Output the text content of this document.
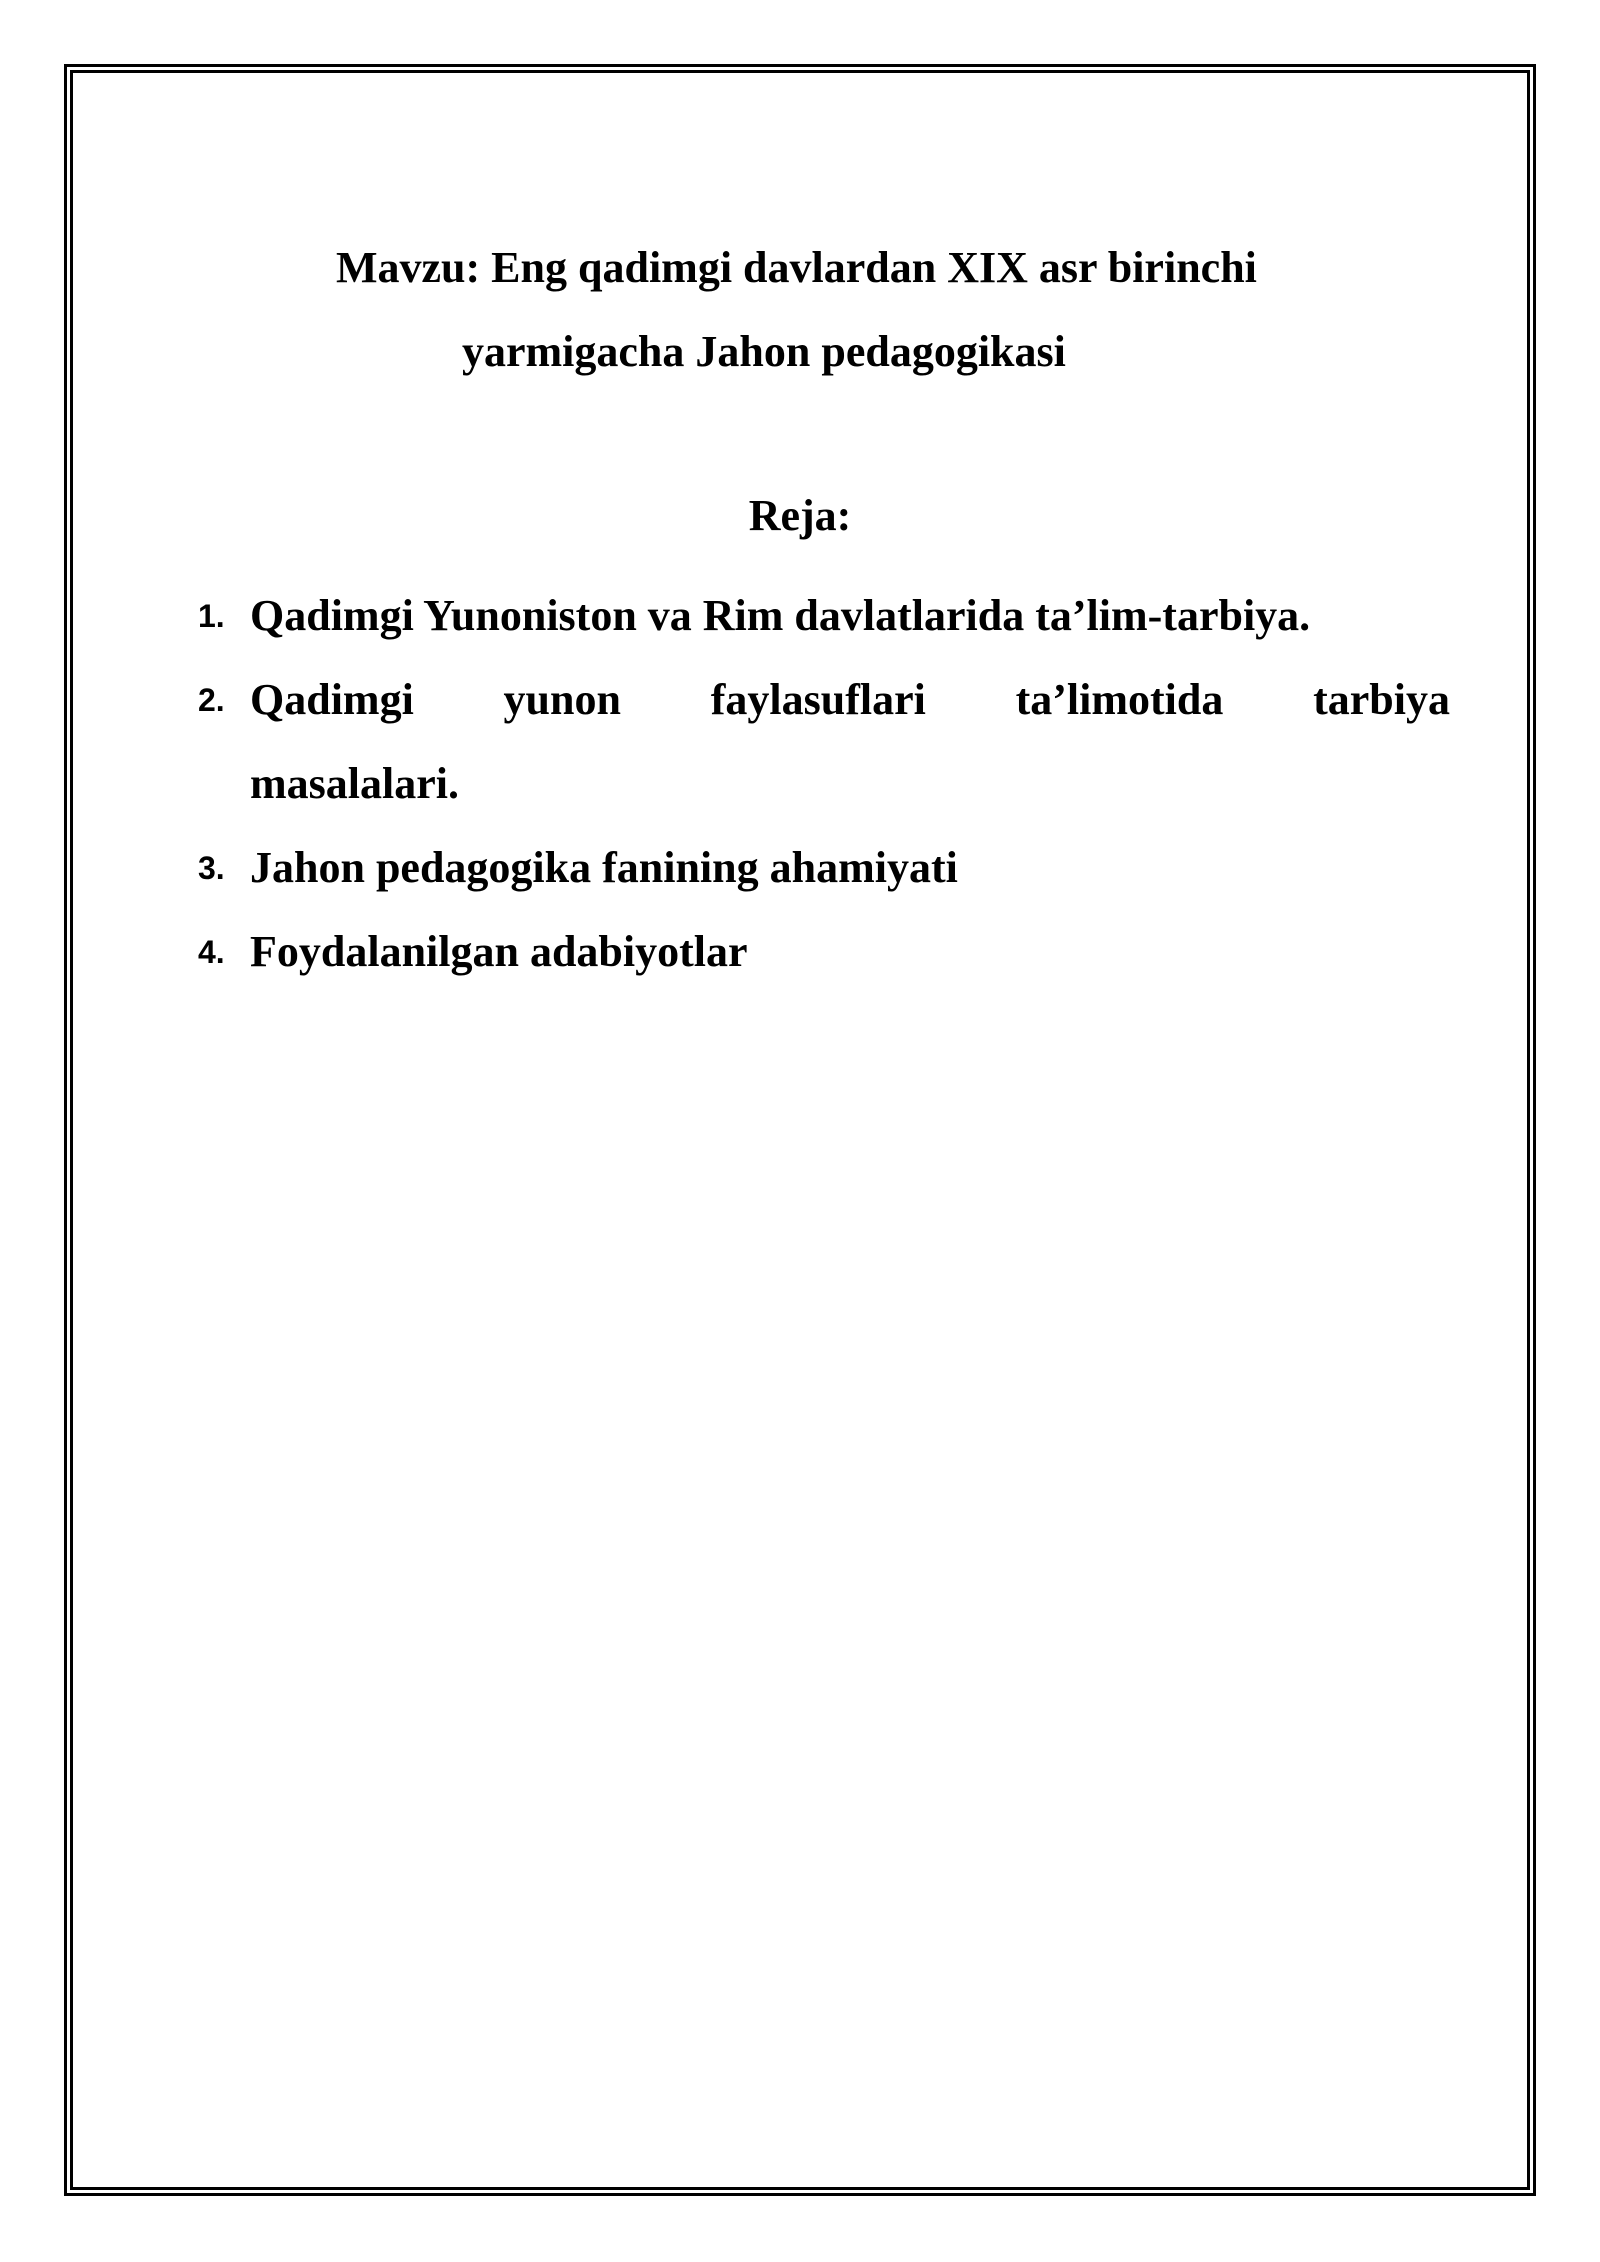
Mavzu: Eng qadimgi davlardan XIX asr birinchi
yarmigacha Jahon pedagogikasi
Reja:
1. Qadimgi Yunoniston va Rim davlatlarida ta’lim-tarbiya.
2. Qadimgi yunon faylasuflari ta’limotida tarbiya
masalalari.
3. Jahon pedagogika fanining ahamiyati
4. Foydalanilgan adabiyotlar
